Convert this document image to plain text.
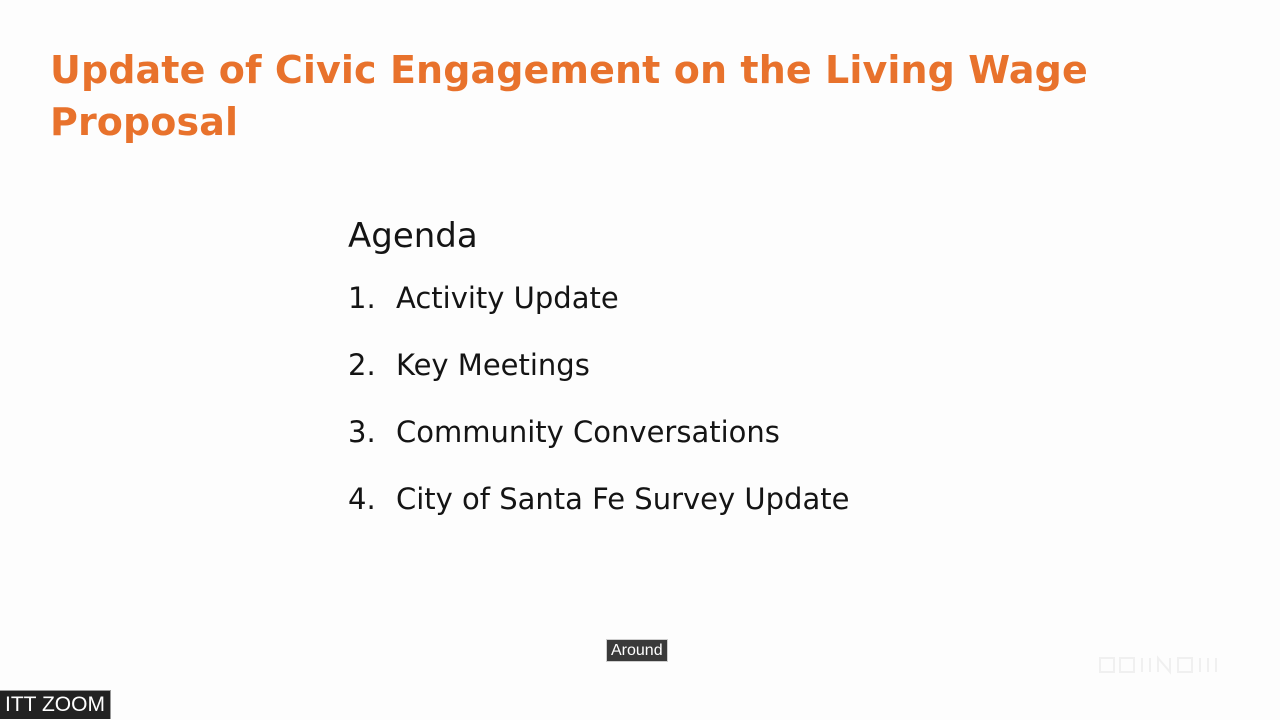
Update of Civic Engagement on the Living Wage Proposal
Agenda
1. Activity Update
2. Key Meetings
3. Community Conversations
4. City of Santa Fe Survey Update
Around
ITT ZOOM
